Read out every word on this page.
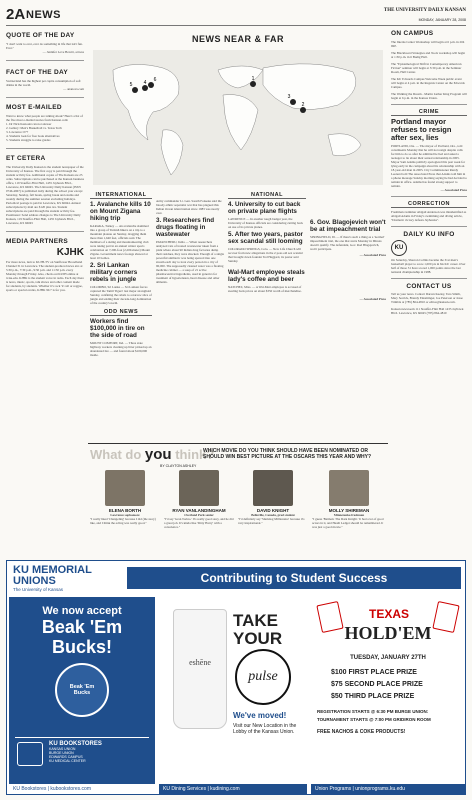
2A NEWS	THE UNIVERSITY DAILY KANSAN
MONDAY, JANUARY 28, 2008
QUOTE OF THE DAY
"I don't want to ever, ever do something in life that isn't fun. Ever."
— Jennifer Love Hewitt, actress
FACT OF THE DAY
Switzerland has the highest per capita consumption of soft drinks in the world.
— ananova.com
MOST E-MAILED
Want to know what people are talking about? Here's a list of the five most e-mailed stories from Kansan.com:
1. Dr Nick Kasioski can not answer
2. Gallery: Men's Basketball vs. Texas Tech
3. Lawrence: 077
4. Students look for free book alternatives
5. Students struggle to raise grades
ET CETERA
The University Daily Kansan is the student newspaper of the University of Kansas. The first copy is paid through the student activity fee. Additional copies of The Kansan are 25 cents. Subscriptions can be purchased at the Kansan business office, 119 Stauffer-Flint Hall, 1435 Jayhawk Blvd., Lawrence, KS 66045. The University Daily Kansan (ISSN 0746-4967) is published daily during the school year except Saturday, Sunday, fall break, spring break and exams and weekly during the summer session excluding holidays. Periodical postage is paid in Lawrence, KS 66044. Annual subscriptions by mail are $120 plus tax. Student subscriptions are paid through the student activity fee. Postmaster: Send address changes to The University Daily Kansan, 119 Stauffer-Flint Hall, 1435 Jayhawk Blvd., Lawrence, KS 66045
MEDIA PARTNERS
KJHK
For more news, turn to KUJH-TV on Sunflower Broadband Channel 31 in Lawrence. The student-produced news airs at 5:30 p.m., 7:30 p.m., 9:30 p.m. and 11:30 p.m. every Monday through Friday. Also, check out KUJH online at tv.ku.edu. KJHK is the student voice in radio. Each day there is news, music, sports, talk shows and other content made for students, by students. Whether it's rock 'n' roll or reggae, sports or special events, KJHK 90.7 is for you.
NEWS NEAR & FAR
1
2
3
4
5
6
INTERNATIONAL
1. Avalanche kills 10 on Mount Zigana hiking trip
KARAKA, Turkey — An avalanche slammed into a group of Turkish hikers on a trip to a mountain plateau on Sunday, dragging them more than 1,640 feet, officials said. The members of a skiing and mountaineering club were taking part in an annual winter sports celebration on 7,200-foot (2,200-meter) Mount Zigana. Government news footage showed at least 10 bodies.
2. Sri Lankan military corners rebels in jungle
COLOMBO, Sri Lanka — Sri Lankan forces captured the Tamil Tigers' last major stronghold Sunday, confining the rebels to a narrow slice of jungle and ending their decade-long domination of the country's north.
ODD NEWS
Workers find $100,000 in tire on the side of road
MOUNT COMFORT, Ind. — Three state highway workers cleaning up litter picked up an abandoned tire — and found about $100,000 inside.
Army commander Lt. Gen. Sarath Fonseka said the bloody ethnic separatist war that has plagued this Indian Ocean island nation since 1983 was nearly over.
3. Researchers find drugs floating in wastewater
PATANCHERU, India — When researchers analyzed vats of treated wastewater taken from a plant where about 90 Indian drug factories dump their residues, they were shocked. Enough of a single powerful antibiotic was being spewed into one stream each day to treat every person in a city of 90,000. The supposedly cleaned water was a floating medicine cabinet — a soup of 21 active pharmaceutical ingredients, used in generics for treatment of hypertension, heart disease and other ailments.
NATIONAL
4. University to cut back on private plane flights
LAWRENCE — In another tough budget year, the University of Kansas officials are considering cutting back on use of its private planes.
5. After two years, pastor sex scandal still looming
COLORADO SPRINGS, Colo. — New Life Church will recover from new allegations in the 2-year-old sex scandal that brought down founder Ted Haggard, its pastor said Sunday.
Wal-Mart employee steals lady's coffee and beer
NATCHEZ, Miss. — A Wal-Mart employee is accused of stealing back prices on about $350 worth of merchandise.
6. Gov. Blagojevich won't be at impeachment trial
SPRINGFIELD, Ill. — If there's such a thing as a 'normal' impeachment trial, the one that starts Monday in Illinois doesn't qualify. The defendant, Gov. Rod Blagojevich, won't participate.
— Associated Press
— Associated Press
ON CAMPUS
The Interns Center Worksshop will begin at 6 p.m. in 204 JRP.
The Blackboard Strategies and Tools workshop will begin at 1:30 p.m. in 6 Budig Hall.
The "Epistemological Shift in Contemporary American Fiction" seminar will begin at 3:30 p.m. in the Seminar Room, Hall Center.
The KU Edwards Campus Welcome Week public event will begin at 4 p.m. in the Regents Center on the Edwards Campus.
The Walking the Dream - Martin Luther King Program will begin at 6 p.m. in the Kansas Union.
CRIME
Portland mayor refuses to resign after sex, lies
PORTLAND, Ore. — The mayor of Portland, Ore., told constituents Monday that he will not resign despite calls for him to do so after he admitted he lied and asked a teenager to lie about their sexual relationship in 2005. Mayor Sam Adams publicly apologized this past week for lying early in the campaign about his relationship with an 18-year-old man in 2005. City Commissioner Randy Leonard told The Associated Press that Adams told him in a phone message Sunday morning saying he had decided to remain in office. Adams has found strong support to remain.
— Associated Press
CORRECTION
Freshman swimmer Abigail Anderson was misidentified as Abigail Adams in Friday's swimming and diving article, "Dramatic victory defeats Jayhawks".
DAILY KU INFO
KU
On Saturday, Sherron Collins became the 31st men's basketball player to score 1,000 pts in his KU career. Over half of those 31 have scored 1,000 points since the last national championship in 1988.
CONTACT US
Tell us your news. Contact Darren Keeley, Tara Smith, Mary Sorrick, Brandy Entsminger, Joe Peterson or Jesse Trimble at (785) 864-4810 or editor@kansan.com.
Kansan newsroom 111 Stauffer-Flint Hall 1435 Jayhawk Blvd. Lawrence, KS 66045 (785) 864-4810
What do you think?
BY CLAYTON ASHLEY
WHICH MOVIE DO YOU THINK SHOULD HAVE BEEN NOMINATED OR SHOULD WIN BEST PICTURE AT THE OSCARS THIS YEAR AND WHY?
ELENA BORTH
Lawrence sophomore
"I really liked 'Changeling' because I did (the story) like, and I think the acting was really good."
RYAN VANLANDINGHAM
Overland Park senior
"I'd say 'Gran Torino.' It's really good story, and he did a great job. It's kinda like 'Dirty Harry' with a conscience."
DAVID KNIGHT
Belleville, Canada, grad student
"I'd definitely say 'Slumdog Millionaire' because it's very inspirational."
MOLLY SHIREMAN
Minnetonka freshman
"I guess 'Batman: The Dark Knight.' It had a lot of good actors in it, and Heath Ledger should be remembered. It was just a good movie."
KU MEMORIAL UNIONS
The University of Kansas
Contributing to Student Success
We now accept
Beak 'Em
Bucks!
Beak 'Em Bucks
KU BOOKSTORES
KANSAS UNION
BURGE UNION
EDWARDS CAMPUS
KU MEDICAL CENTER
KU Bookstores | kubookstores.com
eshēne
TAKE
YOUR
pulse
We've moved!
Visit our New Location in the Lobby of the Kansas Union.
KU Dining Services | kudining.com
TEXAS
HOLD'EM
TUESDAY, JANUARY 27TH
$100 FIRST PLACE PRIZE
$75 SECOND PLACE PRIZE
$50 THIRD PLACE PRIZE
REGISTRATION STARTS @ 6:30 PM BURGE UNION:
TOURNAMENT STARTS @ 7:00 PM GRIDIRON ROOM
FREE NACHOS & COKE PRODUCTS!
Union Programs | unionprograms.ku.edu
